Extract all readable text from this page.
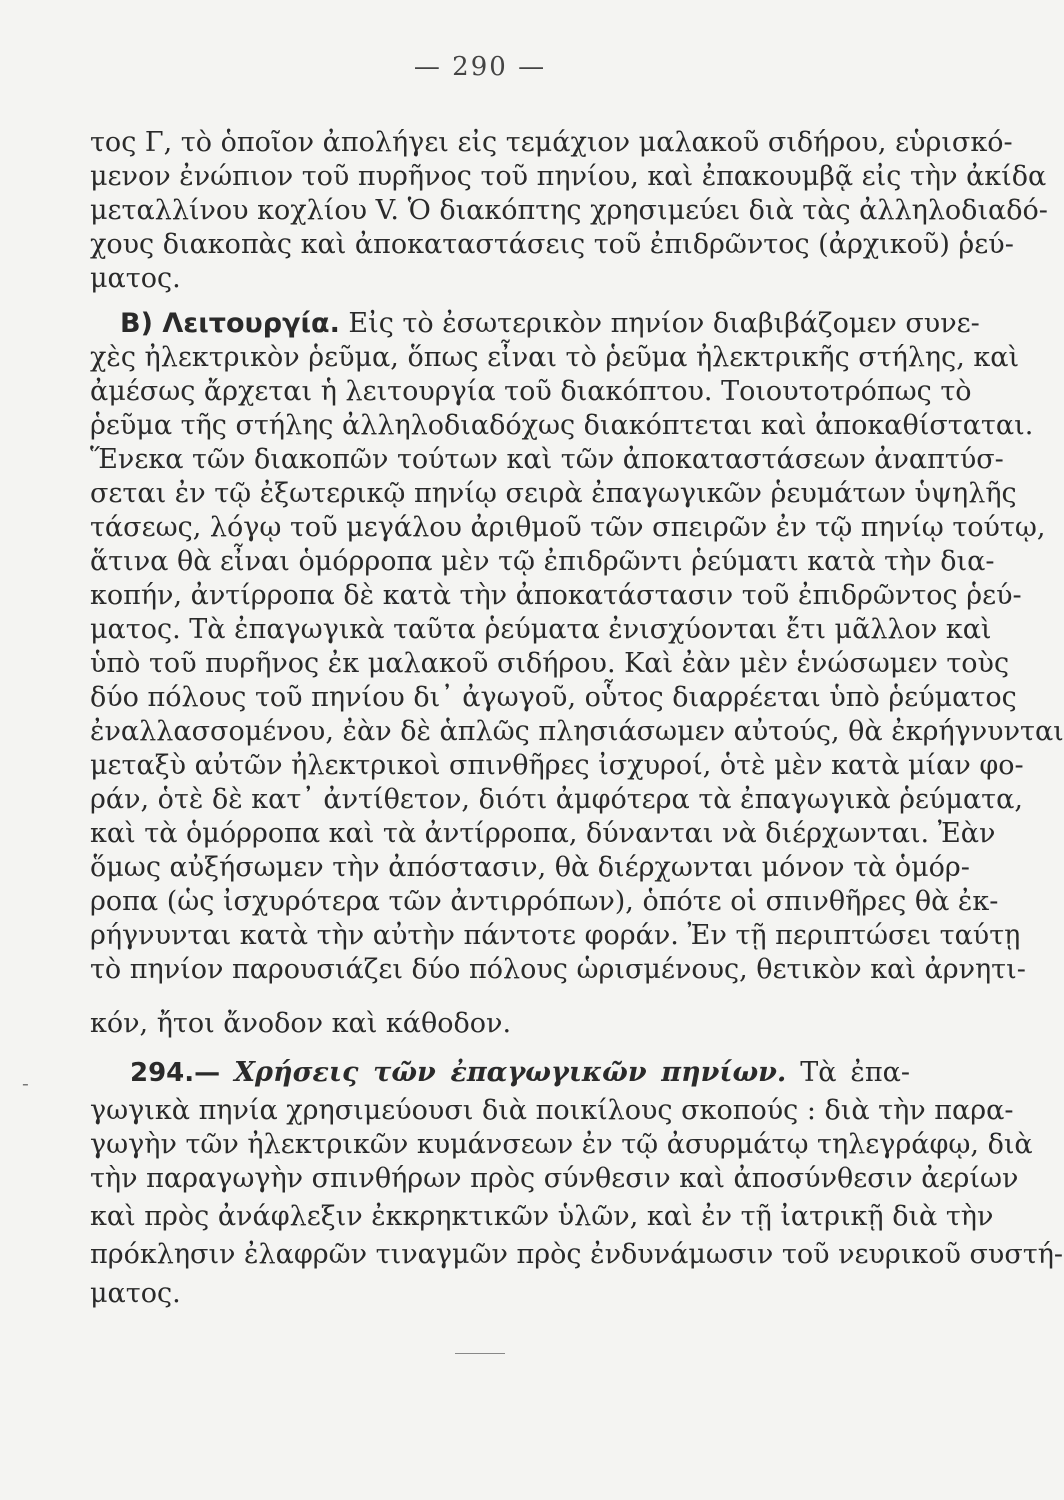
— 290 —
-
τος Γ, τὸ ὁποῖον ἀπολήγει εἰς τεμάχιον μαλακοῦ σιδήρου, εὑρισκό-
μενον ἐνώπιον τοῦ πυρῆνος τοῦ πηνίου, καὶ ἐπακουμβᾷ εἰς τὴν ἀκίδα
μεταλλίνου κοχλίου V. Ὁ διακόπτης χρησιμεύει διὰ τὰς ἀλληλοδιαδό-
χους διακοπὰς καὶ ἀποκαταστάσεις τοῦ ἐπιδρῶντος (ἀρχικοῦ) ῥεύ-
ματος.
Β) Λειτουργία. Εἰς τὸ ἐσωτερικὸν πηνίον διαβιβάζομεν συνε-
χὲς ἠλεκτρικὸν ῥεῦμα, ὅπως εἶναι τὸ ῥεῦμα ἠλεκτρικῆς στήλης, καὶ
ἀμέσως ἄρχεται ἡ λειτουργία τοῦ διακόπτου. Τοιουτοτρόπως τὸ
ῥεῦμα τῆς στήλης ἀλληλοδιαδόχως διακόπτεται καὶ ἀποκαθίσταται.
Ἕνεκα τῶν διακοπῶν τούτων καὶ τῶν ἀποκαταστάσεων ἀναπτύσ-
σεται ἐν τῷ ἐξωτερικῷ πηνίῳ σειρὰ ἐπαγωγικῶν ῥευμάτων ὑψηλῆς
τάσεως, λόγῳ τοῦ μεγάλου ἀριθμοῦ τῶν σπειρῶν ἐν τῷ πηνίῳ τούτῳ,
ἅτινα θὰ εἶναι ὁμόρροπα μὲν τῷ ἐπιδρῶντι ῥεύματι κατὰ τὴν δια-
κοπήν, ἀντίρροπα δὲ κατὰ τὴν ἀποκατάστασιν τοῦ ἐπιδρῶντος ῥεύ-
ματος. Τὰ ἐπαγωγικὰ ταῦτα ῥεύματα ἐνισχύονται ἔτι μᾶλλον καὶ
ὑπὸ τοῦ πυρῆνος ἐκ μαλακοῦ σιδήρου. Καὶ ἐὰν μὲν ἑνώσωμεν τοὺς
δύο πόλους τοῦ πηνίου δι᾽ ἀγωγοῦ, οὗτος διαρρέεται ὑπὸ ῥεύματος
ἐναλλασσομένου, ἐὰν δὲ ἁπλῶς πλησιάσωμεν αὐτούς, θὰ ἐκρήγνυνται
μεταξὺ αὐτῶν ἠλεκτρικοὶ σπινθῆρες ἰσχυροί, ὁτὲ μὲν κατὰ μίαν φο-
ράν, ὁτὲ δὲ κατ᾽ ἀντίθετον, διότι ἀμφότερα τὰ ἐπαγωγικὰ ῥεύματα,
καὶ τὰ ὁμόρροπα καὶ τὰ ἀντίρροπα, δύνανται νὰ διέρχωνται. Ἐὰν
ὅμως αὐξήσωμεν τὴν ἀπόστασιν, θὰ διέρχωνται μόνον τὰ ὁμόρ-
ροπα (ὡς ἰσχυρότερα τῶν ἀντιρρόπων), ὁπότε οἱ σπινθῆρες θὰ ἐκ-
ρήγνυνται κατὰ τὴν αὐτὴν πάντοτε φοράν. Ἐν τῇ περιπτώσει ταύτῃ
τὸ πηνίον παρουσιάζει δύο πόλους ὡρισμένους, θετικὸν καὶ ἀρνητι-
κόν, ἤτοι ἄνοδον καὶ κάθοδον.
294.— Χρήσεις τῶν ἐπαγωγικῶν πηνίων. Τὰ ἐπα-
γωγικὰ πηνία χρησιμεύουσι διὰ ποικίλους σκοπούς : διὰ τὴν παρα-
γωγὴν τῶν ἠλεκτρικῶν κυμάνσεων ἐν τῷ ἀσυρμάτῳ τηλεγράφῳ, διὰ
τὴν παραγωγὴν σπινθήρων πρὸς σύνθεσιν καὶ ἀποσύνθεσιν ἀερίων
καὶ πρὸς ἀνάφλεξιν ἐκκρηκτικῶν ὑλῶν, καὶ ἐν τῇ ἰατρικῇ διὰ τὴν
πρόκλησιν ἐλαφρῶν τιναγμῶν πρὸς ἐνδυνάμωσιν τοῦ νευρικοῦ συστή-
ματος.
